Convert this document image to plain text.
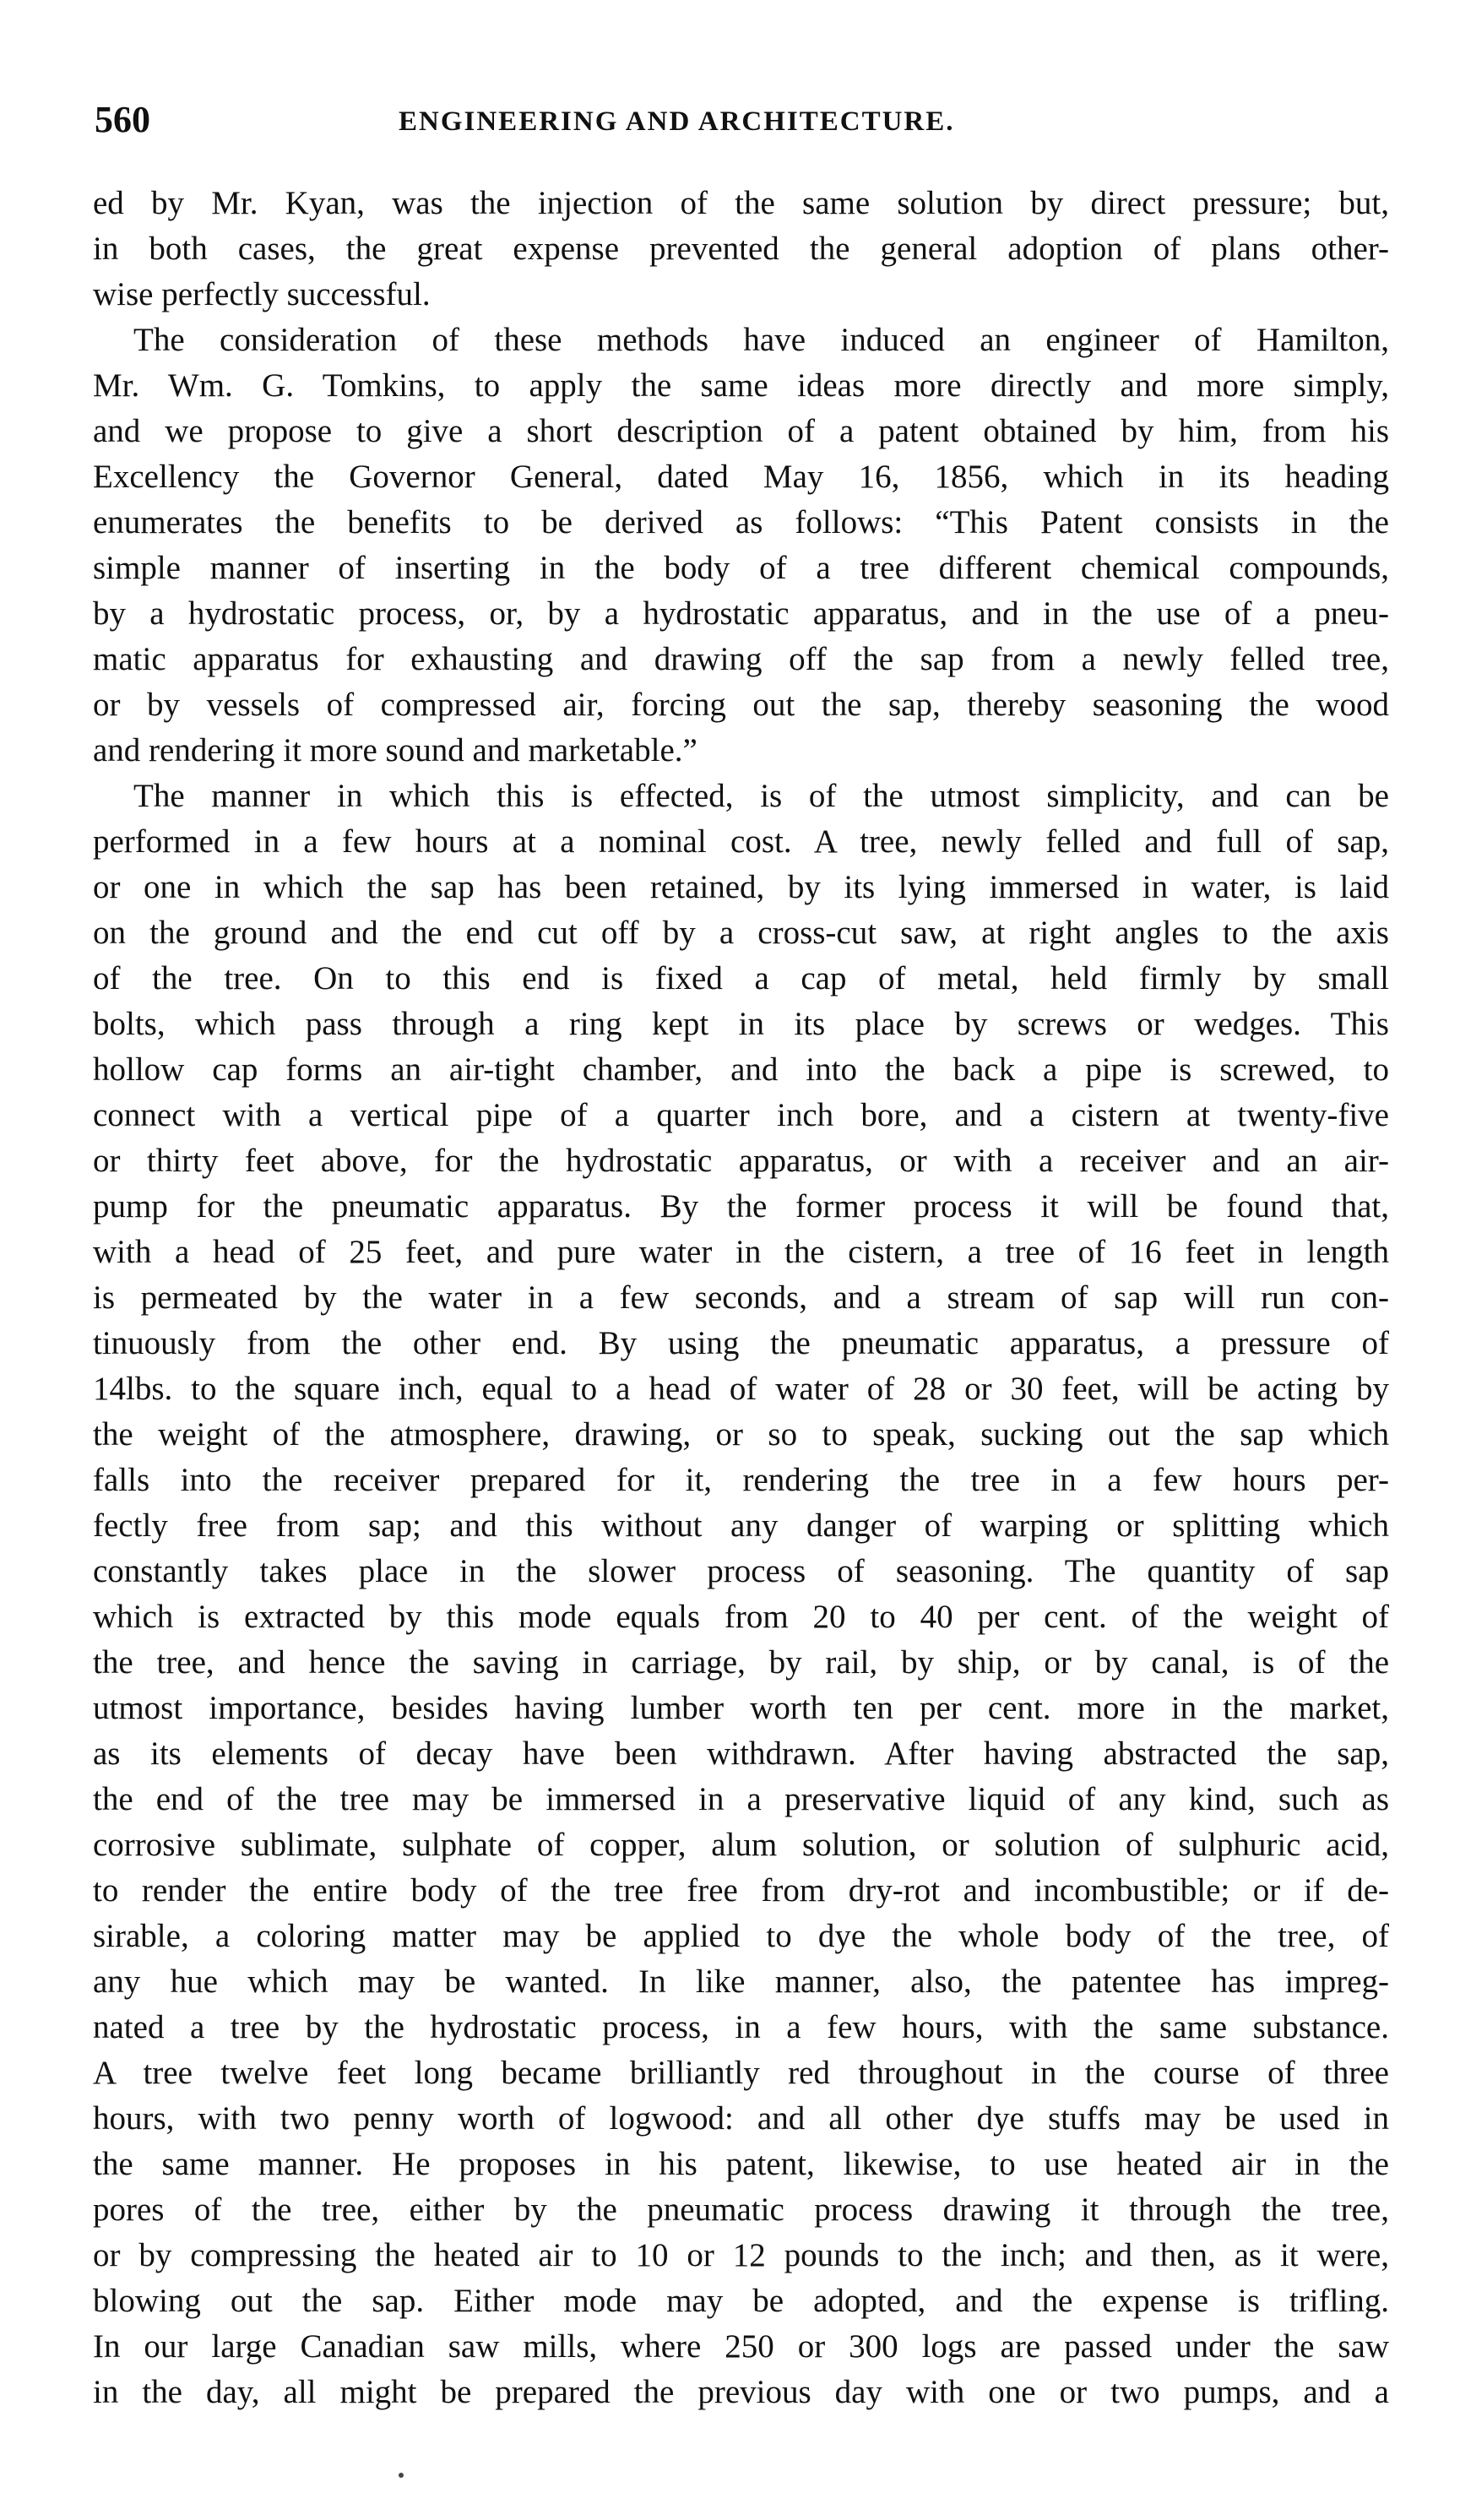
560	ENGINEERING AND ARCHITECTURE.
ed by Mr. Kyan, was the injection of the same solution by direct pressure; but,
in both cases, the great expense prevented the general adoption of plans other-
wise perfectly successful.
The consideration of these methods have induced an engineer of Hamilton,
Mr. Wm. G. Tomkins, to apply the same ideas more directly and more simply,
and we propose to give a short description of a patent obtained by him, from his
Excellency the Governor General, dated May 16, 1856, which in its heading
enumerates the benefits to be derived as follows: “This Patent consists in the
simple manner of inserting in the body of a tree different chemical compounds,
by a hydrostatic process, or, by a hydrostatic apparatus, and in the use of a pneu-
matic apparatus for exhausting and drawing off the sap from a newly felled tree,
or by vessels of compressed air, forcing out the sap, thereby seasoning the wood
and rendering it more sound and marketable.”
The manner in which this is effected, is of the utmost simplicity, and can be
performed in a few hours at a nominal cost. A tree, newly felled and full of sap,
or one in which the sap has been retained, by its lying immersed in water, is laid
on the ground and the end cut off by a cross-cut saw, at right angles to the axis
of the tree. On to this end is fixed a cap of metal, held firmly by small
bolts, which pass through a ring kept in its place by screws or wedges. This
hollow cap forms an air-tight chamber, and into the back a pipe is screwed, to
connect with a vertical pipe of a quarter inch bore, and a cistern at twenty-five
or thirty feet above, for the hydrostatic apparatus, or with a receiver and an air-
pump for the pneumatic apparatus. By the former process it will be found that,
with a head of 25 feet, and pure water in the cistern, a tree of 16 feet in length
is permeated by the water in a few seconds, and a stream of sap will run con-
tinuously from the other end. By using the pneumatic apparatus, a pressure of
14lbs. to the square inch, equal to a head of water of 28 or 30 feet, will be acting by
the weight of the atmosphere, drawing, or so to speak, sucking out the sap which
falls into the receiver prepared for it, rendering the tree in a few hours per-
fectly free from sap; and this without any danger of warping or splitting which
constantly takes place in the slower process of seasoning. The quantity of sap
which is extracted by this mode equals from 20 to 40 per cent. of the weight of
the tree, and hence the saving in carriage, by rail, by ship, or by canal, is of the
utmost importance, besides having lumber worth ten per cent. more in the market,
as its elements of decay have been withdrawn. After having abstracted the sap,
the end of the tree may be immersed in a preservative liquid of any kind, such as
corrosive sublimate, sulphate of copper, alum solution, or solution of sulphuric acid,
to render the entire body of the tree free from dry-rot and incombustible; or if de-
sirable, a coloring matter may be applied to dye the whole body of the tree, of
any hue which may be wanted. In like manner, also, the patentee has impreg-
nated a tree by the hydrostatic process, in a few hours, with the same substance.
A tree twelve feet long became brilliantly red throughout in the course of three
hours, with two penny worth of logwood: and all other dye stuffs may be used in
the same manner. He proposes in his patent, likewise, to use heated air in the
pores of the tree, either by the pneumatic process drawing it through the tree,
or by compressing the heated air to 10 or 12 pounds to the inch; and then, as it were,
blowing out the sap. Either mode may be adopted, and the expense is trifling.
In our large Canadian saw mills, where 250 or 300 logs are passed under the saw
in the day, all might be prepared the previous day with one or two pumps, and a
